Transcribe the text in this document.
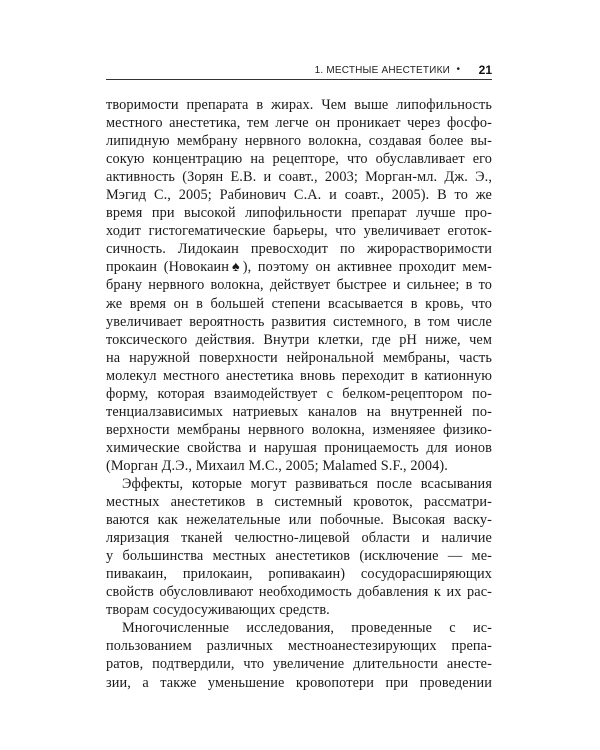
1. МЕСТНЫЕ АНЕСТЕТИКИ • 21
творимости препарата в жирах. Чем выше липофильность
местного анестетика, тем легче он проникает через фосфо-
липидную мембрану нервного волокна, создавая более вы-
сокую концентрацию на рецепторе, что обуславливает его
активность (Зорян Е.В. и соавт., 2003; Морган-мл. Дж. Э.,
Мэгид С., 2005; Рабинович С.А. и соавт., 2005). В то же
время при высокой липофильности препарат лучше про-
ходит гистогематические барьеры, что увеличивает еготок-
сичность. Лидокаин превосходит по жирорастворимости
прокаин (Новокаин♠), поэтому он активнее проходит мем-
брану нервного волокна, действует быстрее и сильнее; в то
же время он в большей степени всасывается в кровь, что
увеличивает вероятность развития системного, в том числе
токсического действия. Внутри клетки, где pH ниже, чем
на наружной поверхности нейрональной мембраны, часть
молекул местного анестетика вновь переходит в катионную
форму, которая взаимодействует с белком-рецептором по-
тенциалзависимых натриевых каналов на внутренней по-
верхности мембраны нервного волокна, изменяяее физико-
химические свойства и нарушая проницаемость для ионов
(Морган Д.Э., Михаил М.С., 2005; Malamed S.F., 2004).
Эффекты, которые могут развиваться после всасывания
местных анестетиков в системный кровоток, рассматри-
ваются как нежелательные или побочные. Высокая васку-
ляризация тканей челюстно-лицевой области и наличие
у большинства местных анестетиков (исключение — ме-
пивакаин, прилокаин, ропивакаин) сосудорасширяющих
свойств обусловливают необходимость добавления к их рас-
творам сосудосуживающих средств.
Многочисленные исследования, проведенные с ис-
пользованием различных местноанестезирующих препа-
ратов, подтвердили, что увеличение длительности анесте-
зии, а также уменьшение кровопотери при проведении
